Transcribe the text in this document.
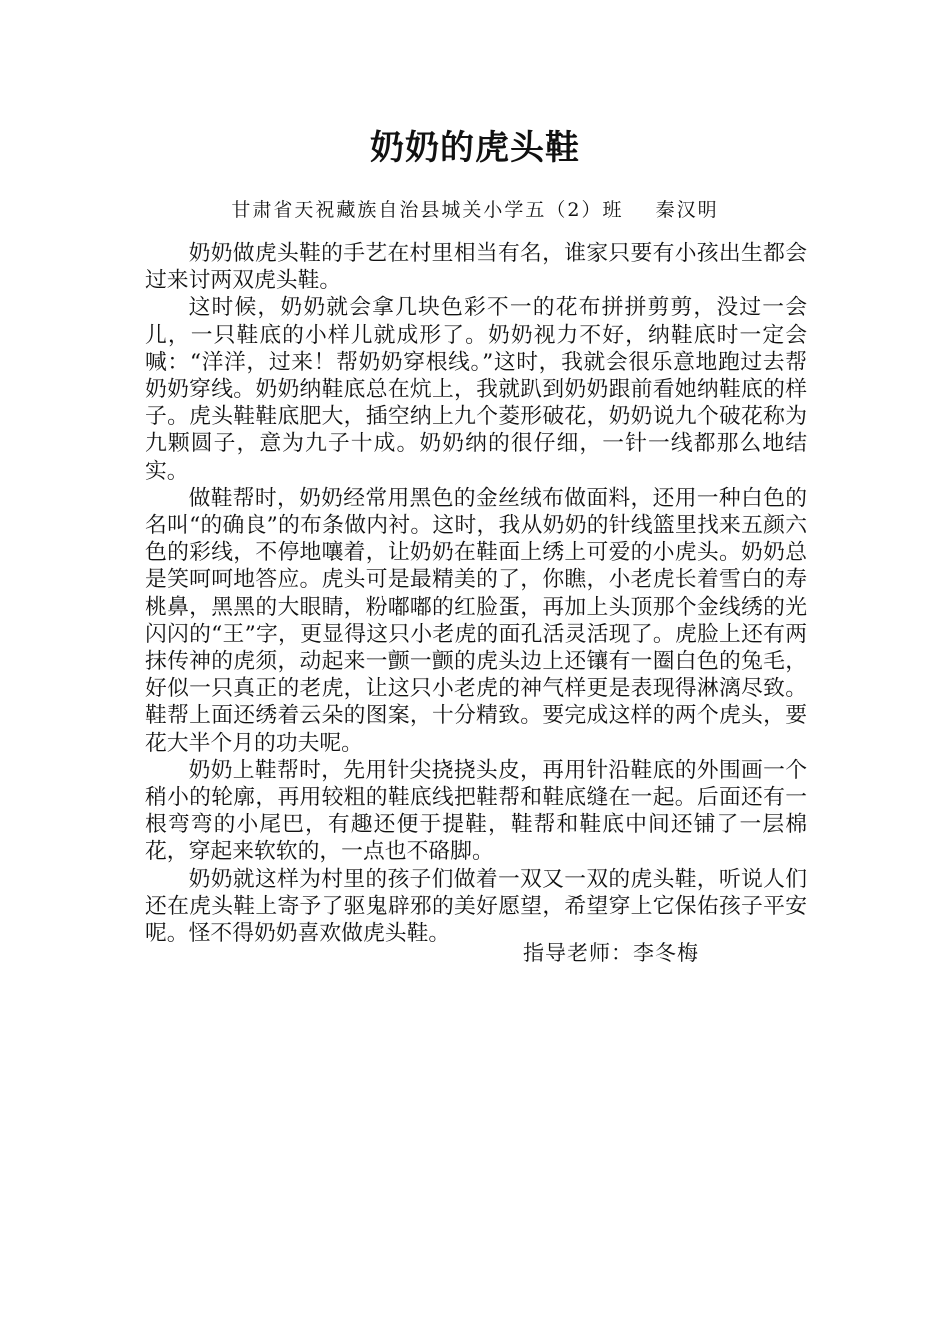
奶奶的虎头鞋
甘肃省天祝藏族自治县城关小学五（2）班    秦汉明

奶奶做虎头鞋的手艺在村里相当有名，谁家只要有小孩出生都会过来讨两双虎头鞋。

这时候，奶奶就会拿几块色彩不一的花布拼拼剪剪，没过一会儿，一只鞋底的小样儿就成形了。奶奶视力不好，纳鞋底时一定会喊：“洋洋，过来！帮奶奶穿根线。”这时，我就会很乐意地跑过去帮奶奶穿线。奶奶纳鞋底总在炕上，我就趴到奶奶跟前看她纳鞋底的样子。虎头鞋鞋底肥大，插空纳上九个菱形破花，奶奶说九个破花称为九颗圆子，意为九子十成。奶奶纳的很仔细，一针一线都那么地结实。

做鞋帮时，奶奶经常用黑色的金丝绒布做面料，还用一种白色的名叫“的确良”的布条做内衬。这时，我从奶奶的针线篮里找来五颜六色的彩线，不停地嚷着，让奶奶在鞋面上绣上可爱的小虎头。奶奶总是笑呵呵地答应。虎头可是最精美的了，你瞧，小老虎长着雪白的寿桃鼻，黑黑的大眼睛，粉嘟嘟的红脸蛋，再加上头顶那个金线绣的光闪闪的“王”字，更显得这只小老虎的面孔活灵活现了。虎脸上还有两抹传神的虎须，动起来一颤一颤的虎头边上还镶有一圈白色的兔毛，好似一只真正的老虎，让这只小老虎的神气样更是表现得淋漓尽致。鞋帮上面还绣着云朵的图案，十分精致。要完成这样的两个虎头，要花大半个月的功夫呢。

奶奶上鞋帮时，先用针尖挠挠头皮，再用针沿鞋底的外围画一个稍小的轮廓，再用较粗的鞋底线把鞋帮和鞋底缝在一起。后面还有一根弯弯的小尾巴，有趣还便于提鞋，鞋帮和鞋底中间还铺了一层棉花，穿起来软软的，一点也不硌脚。

奶奶就这样为村里的孩子们做着一双又一双的虎头鞋，听说人们还在虎头鞋上寄予了驱鬼辟邪的美好愿望，希望穿上它保佑孩子平安呢。怪不得奶奶喜欢做虎头鞋。

指导老师：李冬梅
